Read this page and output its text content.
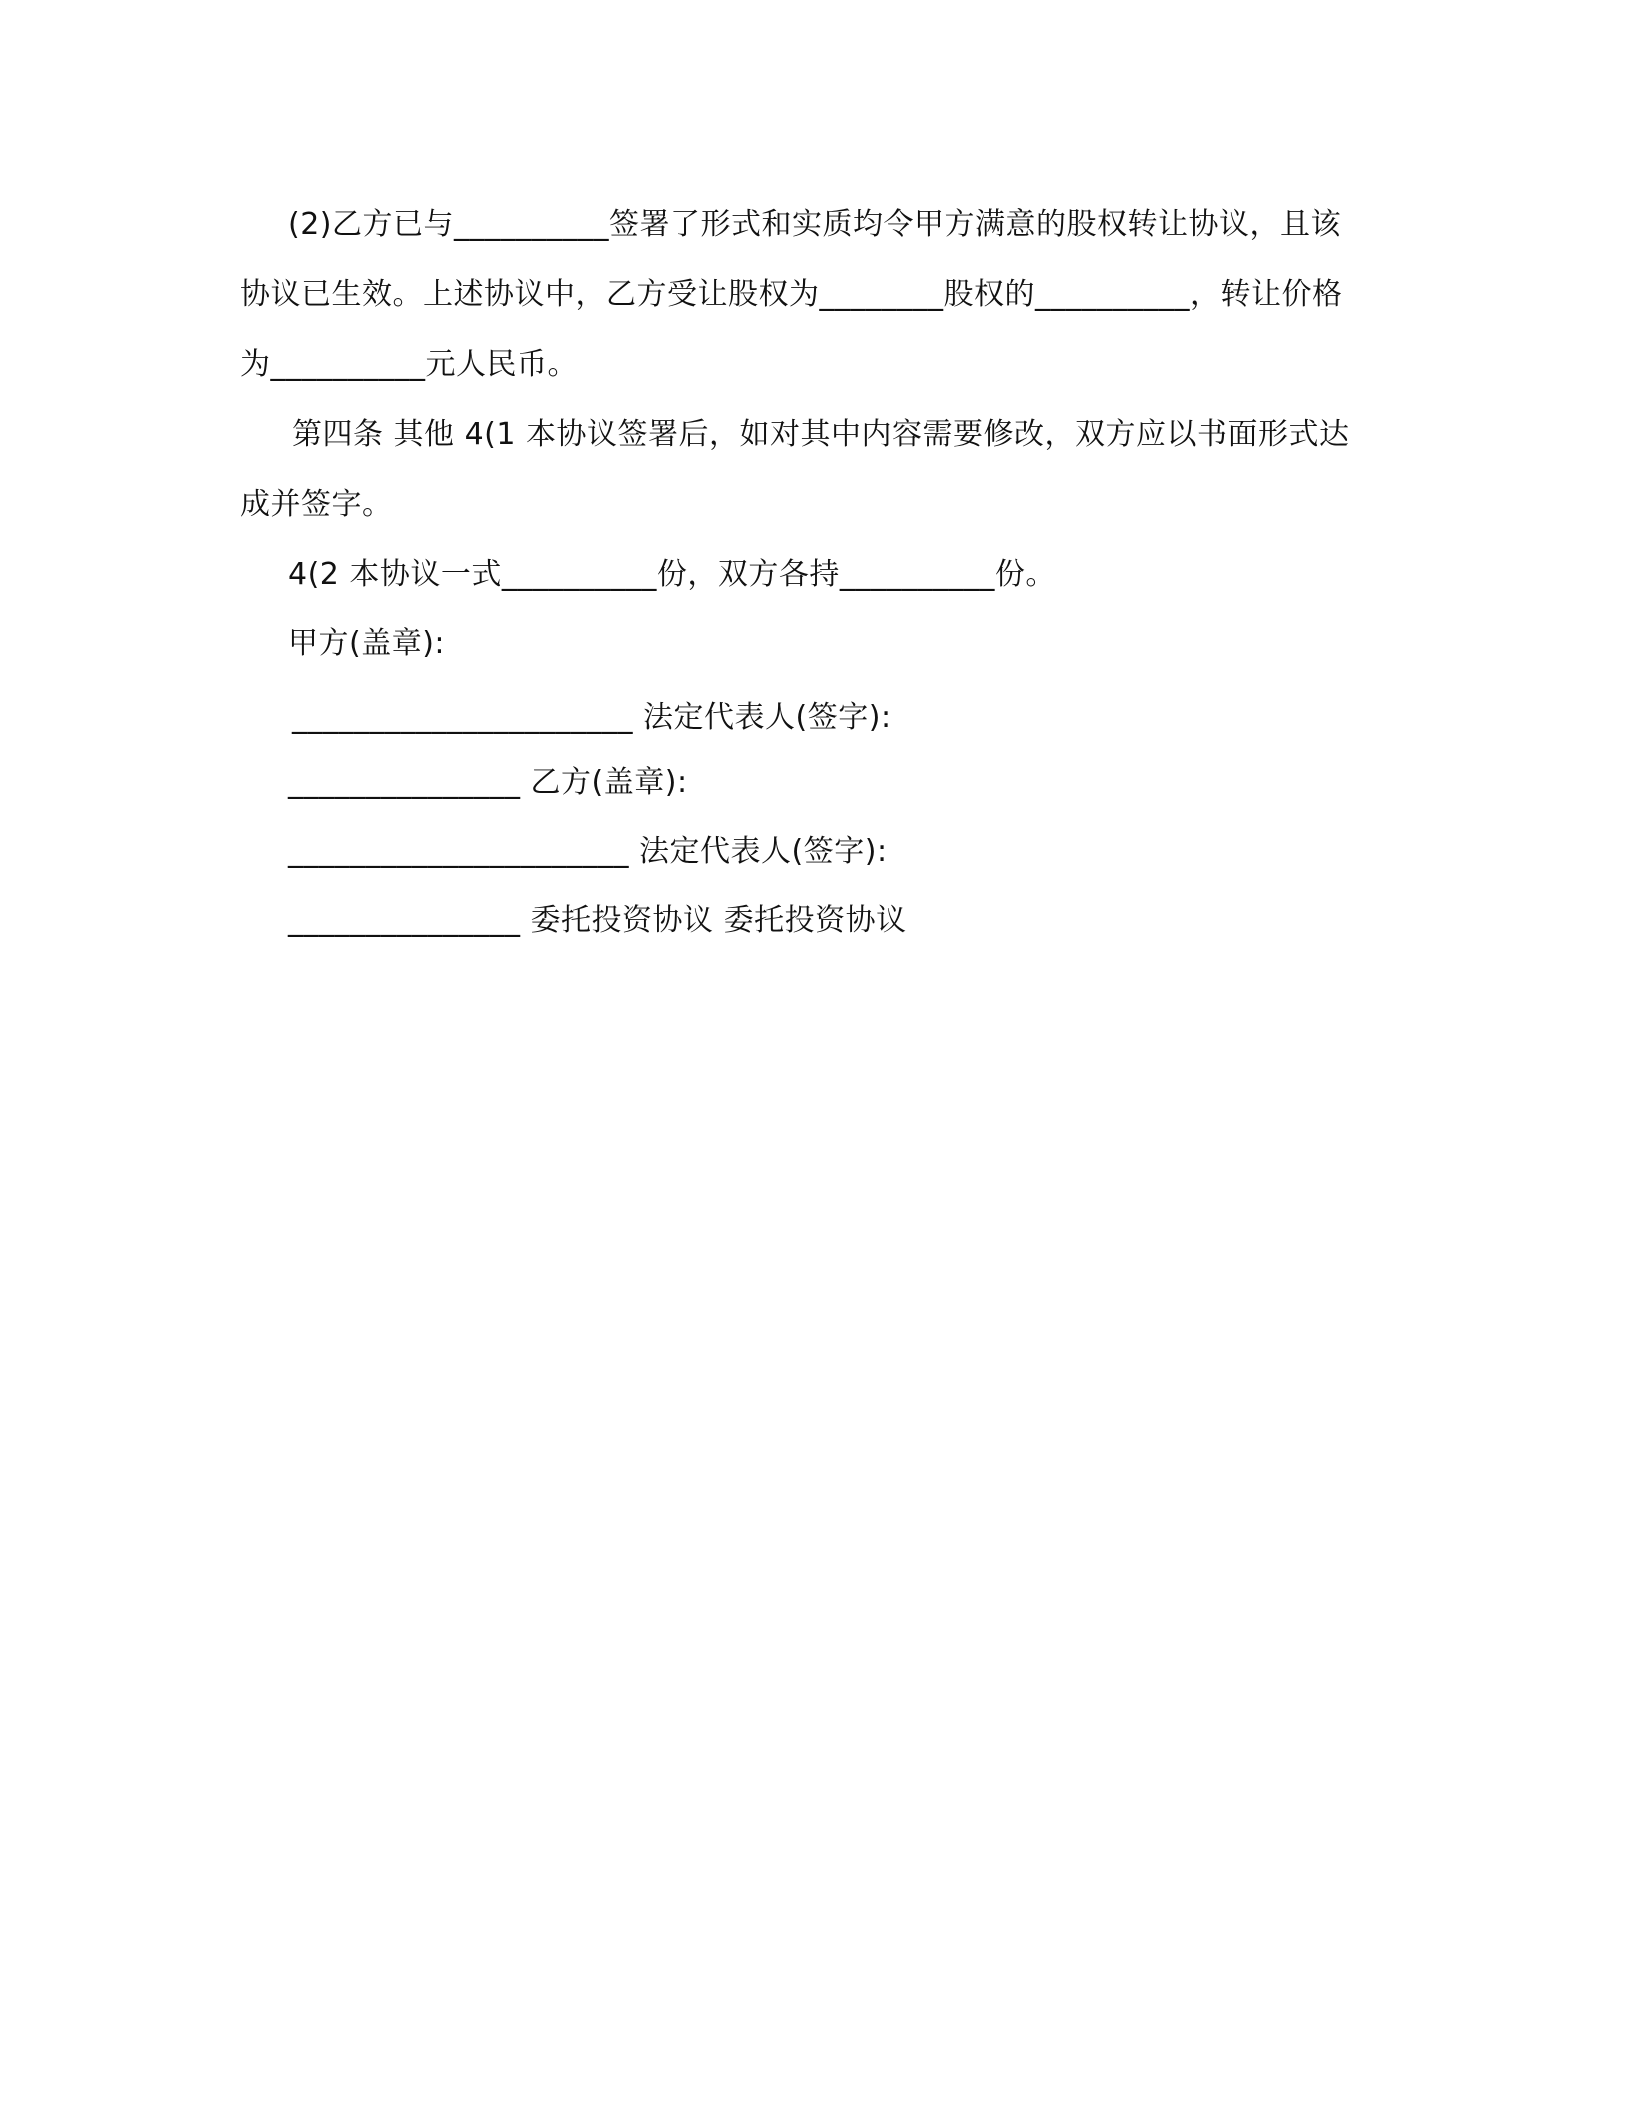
(2)乙方已与__________签署了形式和实质均令甲方满意的股权转让协议，且该
协议已生效。上述协议中，乙方受让股权为________股权的__________，转让价格
为__________元人民币。
第四条 其他 4(1 本协议签署后，如对其中内容需要修改，双方应以书面形式达
成并签字。
4(2 本协议一式__________份，双方各持__________份。
甲方(盖章):
______________________ 法定代表人(签字):
_______________ 乙方(盖章):
______________________ 法定代表人(签字):
_______________ 委托投资协议 委托投资协议
